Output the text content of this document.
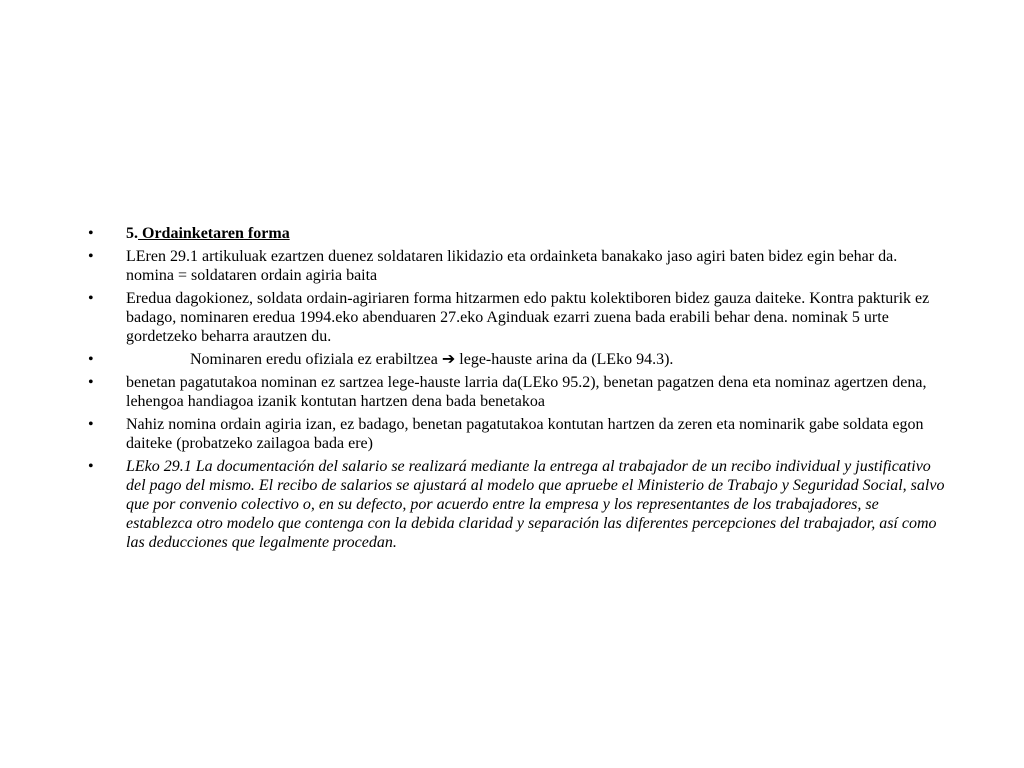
• 5. Ordainketaren forma
• LEren 29.1 artikuluak ezartzen duenez soldataren likidazio eta ordainketa banakako jaso agiri baten bidez egin behar da. nomina = soldataren ordain agiria baita
• Eredua dagokionez, soldata ordain-agiriaren forma hitzarmen edo paktu kolektiboren bidez gauza daiteke. Kontra pakturik ez badago, nominaren eredua 1994.eko abenduaren 27.eko Aginduak ezarri zuena bada erabili behar dena. nominak 5 urte gordetzeko beharra arautzen du.
•	Nominaren eredu ofiziala ez erabiltzea ➔ lege-hauste arina da (LEko 94.3).
• benetan pagatutakoa nominan ez sartzea lege-hauste larria da(LEko 95.2), benetan pagatzen dena eta nominaz agertzen dena, lehengoa handiagoa izanik kontutan hartzen dena bada benetakoa
• Nahiz nomina ordain agiria izan, ez badago, benetan pagatutakoa kontutan hartzen da zeren eta nominarik gabe soldata egon daiteke (probatzeko zailagoa bada ere)
• LEko 29.1 La documentación del salario se realizará mediante la entrega al trabajador de un recibo individual y justificativo del pago del mismo. El recibo de salarios se ajustará al modelo que apruebe el Ministerio de Trabajo y Seguridad Social, salvo que por convenio colectivo o, en su defecto, por acuerdo entre la empresa y los representantes de los trabajadores, se establezca otro modelo que contenga con la debida claridad y separación las diferentes percepciones del trabajador, así como las deducciones que legalmente procedan.
